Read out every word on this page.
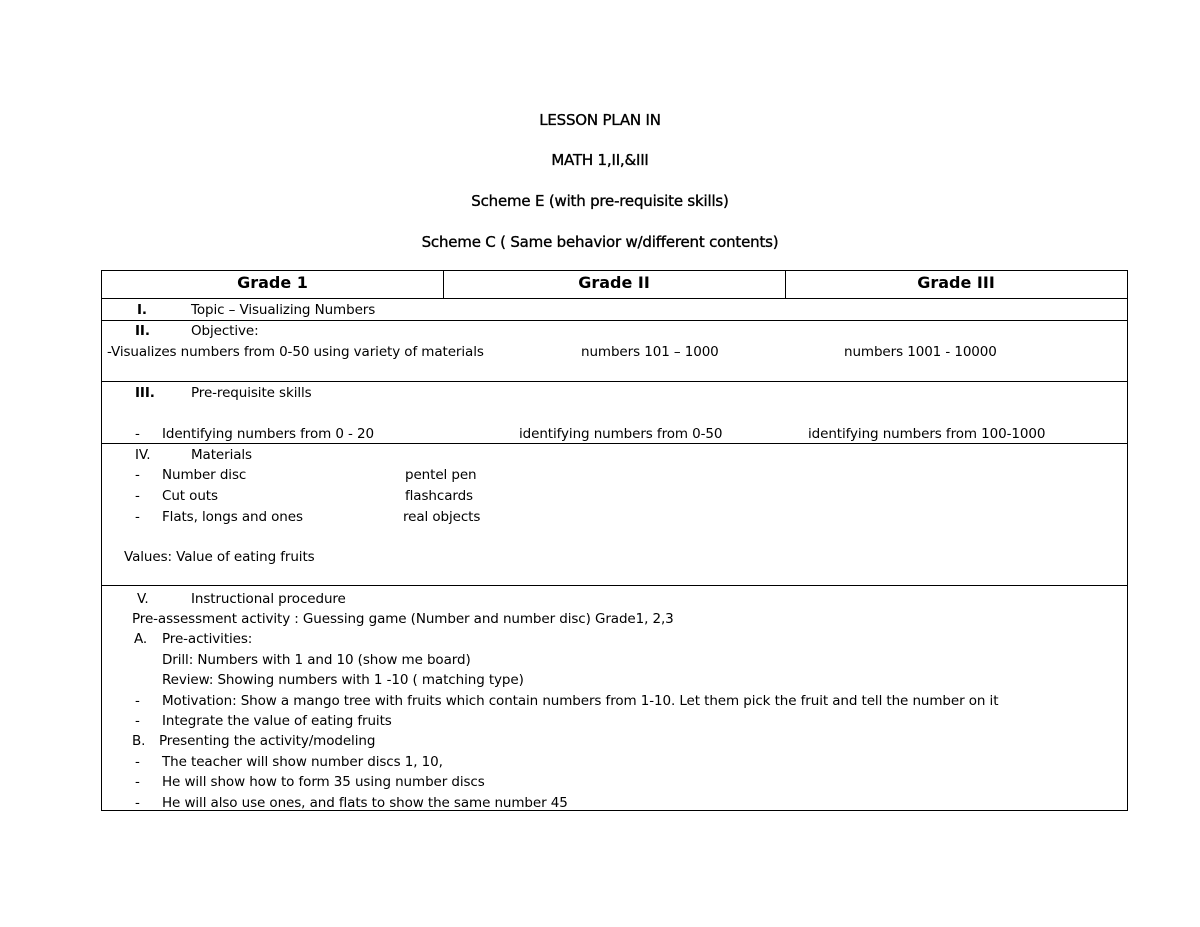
LESSON PLAN IN
MATH 1,II,&III
Scheme E (with pre-requisite skills)
Scheme C ( Same behavior w/different contents)
Grade 1	Grade II	Grade III
I.	Topic – Visualizing Numbers
II.	Objective:
-Visualizes numbers from 0-50 using variety of materials	numbers 101 – 1000	numbers 1001 - 10000
III.	Pre-requisite skills
- Identifying numbers from 0 - 20	identifying numbers from 0-50	identifying numbers from 100-1000
IV.	Materials
- Number disc	pentel pen
- Cut outs	flashcards
- Flats, longs and ones	real objects
Values: Value of eating fruits
V.	Instructional procedure
Pre-assessment activity : Guessing game (Number and number disc) Grade1, 2,3
A. Pre-activities:
Drill: Numbers with 1 and 10 (show me board)
Review: Showing numbers with 1 -10 ( matching type)
- Motivation: Show a mango tree with fruits which contain numbers from 1-10. Let them pick the fruit and tell the number on it
- Integrate the value of eating fruits
B. Presenting the activity/modeling
- The teacher will show number discs 1, 10,
- He will show how to form 35 using number discs
- He will also use ones, and flats to show the same number 45
